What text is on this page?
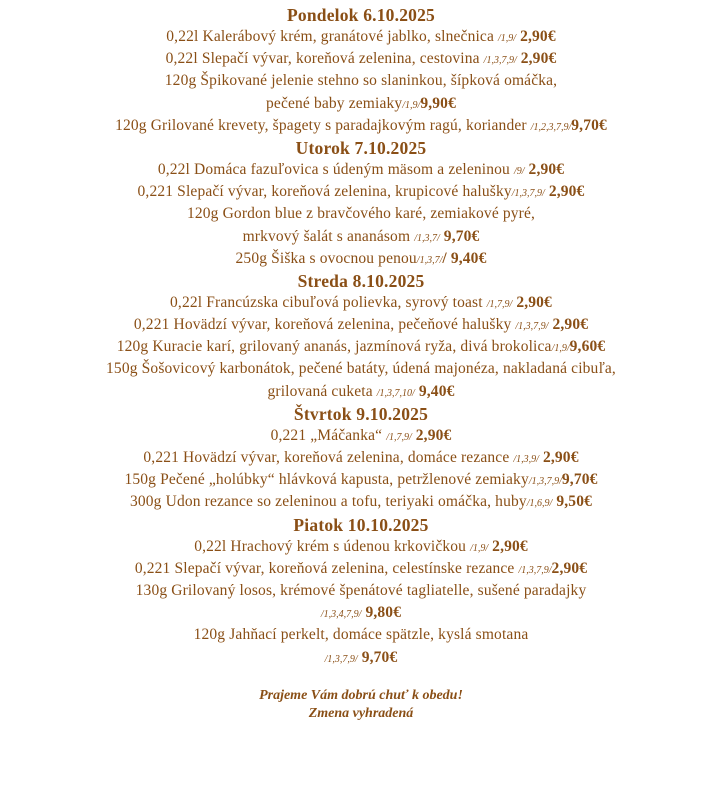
Pondelok 6.10.2025
0,22l Kalerábový krém, granátové jablko, slnečnica /1,9/ 2,90€
0,22l Slepačí vývar, koreňová zelenina, cestovina /1,3,7,9/ 2,90€
120g Špikované jelenie stehno so slaninkou, šípková omáčka,
pečené baby zemiaky/1,9/9,90€
120g Grilované krevety, špagety s paradajkovým ragú, koriander /1,2,3,7,9/9,70€
Utorok 7.10.2025
0,22l Domáca fazuľovica s údeným mäsom a zeleninou /9/ 2,90€
0,221 Slepačí vývar, koreňová zelenina, krupicové halušky/1,3,7,9/ 2,90€
120g Gordon blue z bravčového karé, zemiakové pyré,
mrkvový šalát s ananásom /1,3,7/ 9,70€
250g Šiška s ovocnou penou/1,3,7// 9,40€
Streda 8.10.2025
0,22l Francúzska cibuľová polievka, syrový toast /1,7,9/ 2,90€
0,221 Hovädzí vývar, koreňová zelenina, pečeňové halušky /1,3,7,9/ 2,90€
120g Kuracie karí, grilovaný ananás, jazmínová ryža, divá brokolica/1,9/9,60€
150g Šošovicový karbonátok, pečené batáty, údená majonéza, nakladaná cibuľa,
grilovaná cuketa /1,3,7,10/ 9,40€
Štvrtok 9.10.2025
0,221 „Máčanka“ /1,7,9/ 2,90€
0,221 Hovädzí vývar, koreňová zelenina, domáce rezance /1,3,9/ 2,90€
150g Pečené „holúbky“ hlávková kapusta, petržlenové zemiaky/1,3,7,9/9,70€
300g Udon rezance so zeleninou a tofu, teriyaki omáčka, huby/1,6,9/ 9,50€
Piatok 10.10.2025
0,22l Hrachový krém s údenou krkovičkou /1,9/ 2,90€
0,221 Slepačí vývar, koreňová zelenina, celestínske rezance /1,3,7,9/2,90€
130g Grilovaný losos, krémové špenátové tagliatelle, sušené paradajky
/1,3,4,7,9/ 9,80€
120g Jahňací perkelt, domáce spätzle, kyslá smotana
/1,3,7,9/ 9,70€
Prajeme Vám dobrú chuť k obedu!
Zmena vyhradená
